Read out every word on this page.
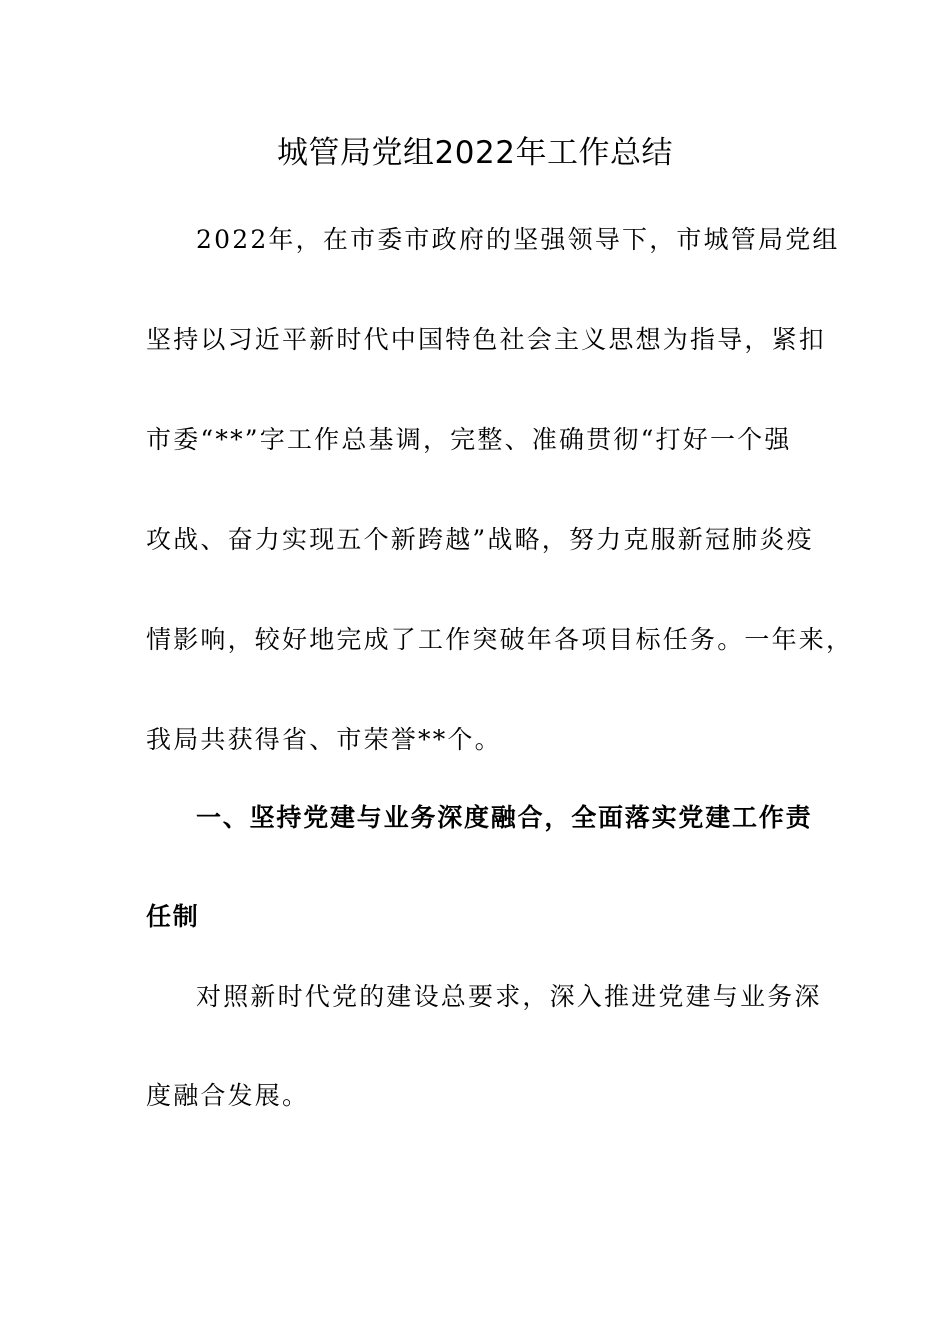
城管局党组2022年工作总结
2022年，在市委市政府的坚强领导下，市城管局党组
坚持以习近平新时代中国特色社会主义思想为指导，紧扣
市委“**”字工作总基调，完整、准确贯彻“打好一个强
攻战、奋力实现五个新跨越”战略，努力克服新冠肺炎疫
情影响，较好地完成了工作突破年各项目标任务。一年来，
我局共获得省、市荣誉**个。
一、坚持党建与业务深度融合，全面落实党建工作责
任制
对照新时代党的建设总要求，深入推进党建与业务深
度融合发展。
